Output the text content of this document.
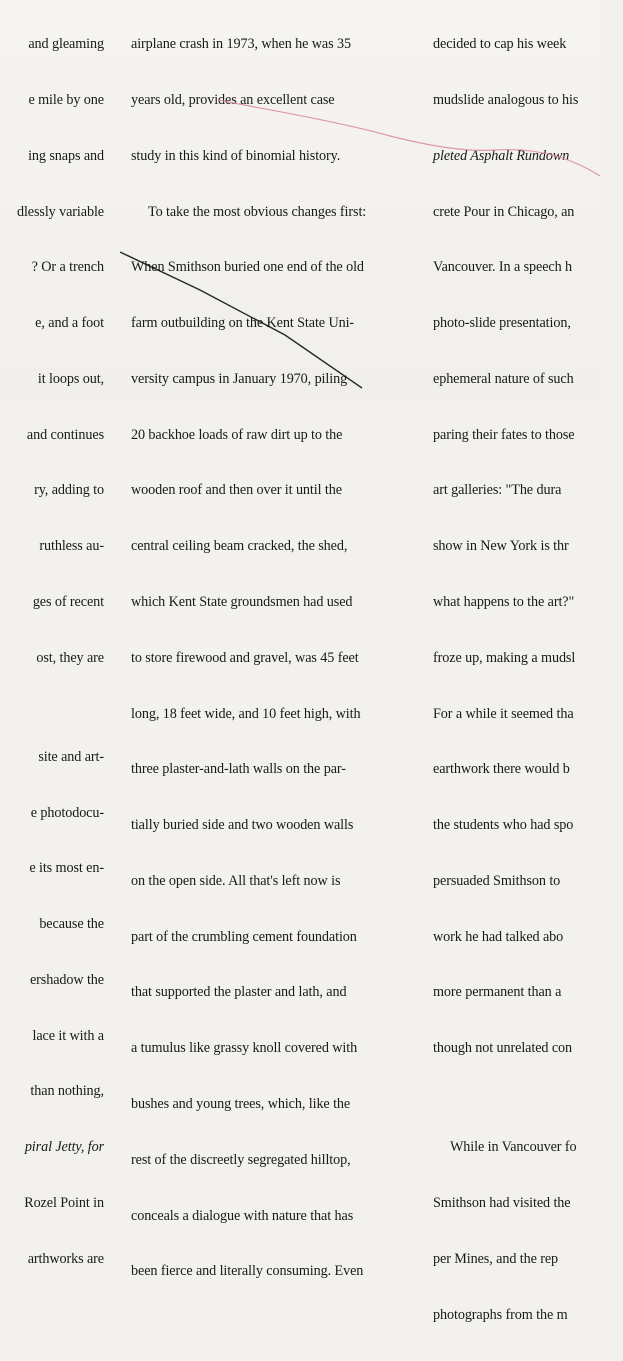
and gleaming

e mile by one

ing snaps and

dlessly variable

? Or a trench

e, and a foot

it loops out,

and continues

ry, adding to

ruthless au-

ges of recent

ost, they are

site and art-

e photodocu-

e its most en-

because the

ershadow the

lace it with a

than nothing,

piral Jetty, for

Rozel Point in

arthworks are

airplane crash in 1973, when he was 35

years old, provides an excellent case

study in this kind of binomial history.

To take the most obvious changes first:

When Smithson buried one end of the old

farm outbuilding on the Kent State Uni-

versity campus in January 1970, piling

20 backhoe loads of raw dirt up to the

wooden roof and then over it until the

central ceiling beam cracked, the shed,

which Kent State groundsmen had used

to store firewood and gravel, was 45 feet

long, 18 feet wide, and 10 feet high, with

three plaster-and-lath walls on the par-

tially buried side and two wooden walls

on the open side. All that's left now is

part of the crumbling cement foundation

that supported the plaster and lath, and

a tumulus like grassy knoll covered with

bushes and young trees, which, like the

rest of the discreetly segregated hilltop,

conceals a dialogue with nature that has

been fierce and literally consuming. Even

decided to cap his week

mudslide analogous to his

pleted Asphalt Rundown

crete Pour in Chicago, an

Vancouver. In a speech h

photo-slide presentation,

ephemeral nature of such

paring their fates to those

art galleries: "The dura

show in New York is thr

what happens to the art?"

froze up, making a mudsl

For a while it seemed tha

earthwork there would b

the students who had spo

persuaded Smithson to

work he had talked abo

more permanent than a

though not unrelated con

While in Vancouver fo

Smithson had visited the

per Mines, and the rep

photographs from the m
